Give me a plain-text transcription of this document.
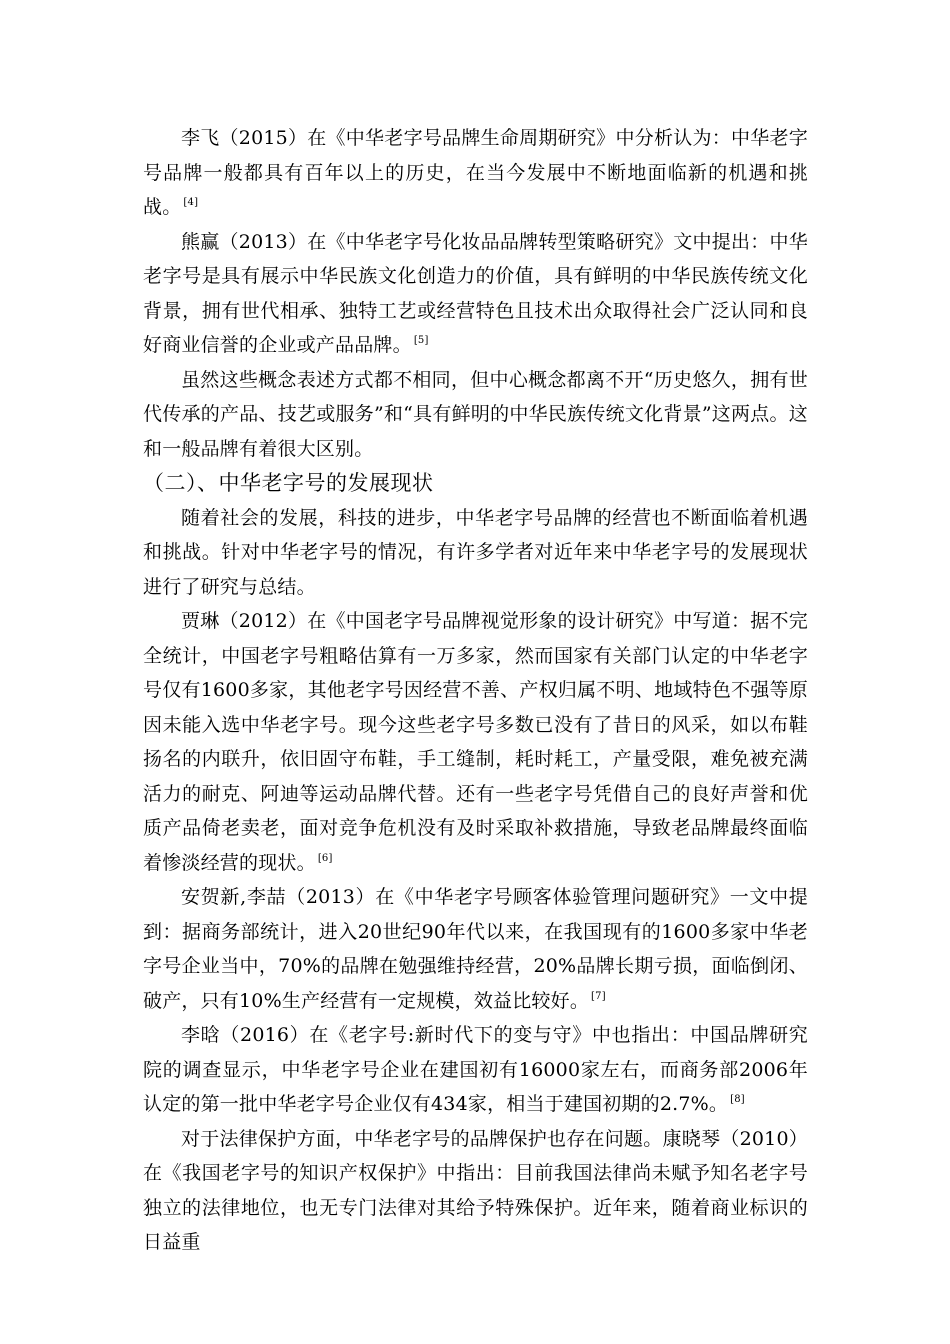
李飞（2015）在《中华老字号品牌生命周期研究》中分析认为：中华老字号品牌一般都具有百年以上的历史，在当今发展中不断地面临新的机遇和挑战。 [4]

熊赢（2013）在《中华老字号化妆品品牌转型策略研究》文中提出：中华老字号是具有展示中华民族文化创造力的价值，具有鲜明的中华民族传统文化背景，拥有世代相承、独特工艺或经营特色且技术出众取得社会广泛认同和良好商业信誉的企业或产品品牌。 [5]

虽然这些概念表述方式都不相同，但中心概念都离不开“历史悠久，拥有世代传承的产品、技艺或服务”和“具有鲜明的中华民族传统文化背景”这两点。这和一般品牌有着很大区别。

（二）、中华老字号的发展现状

随着社会的发展，科技的进步，中华老字号品牌的经营也不断面临着机遇和挑战。针对中华老字号的情况，有许多学者对近年来中华老字号的发展现状进行了研究与总结。

贾琳（2012）在《中国老字号品牌视觉形象的设计研究》中写道：据不完全统计，中国老字号粗略估算有一万多家，然而国家有关部门认定的中华老字号仅有1600多家，其他老字号因经营不善、产权归属不明、地域特色不强等原因未能入选中华老字号。现今这些老字号多数已没有了昔日的风采，如以布鞋扬名的内联升，依旧固守布鞋，手工缝制，耗时耗工，产量受限，难免被充满活力的耐克、阿迪等运动品牌代替。还有一些老字号凭借自己的良好声誉和优质产品倚老卖老，面对竞争危机没有及时采取补救措施，导致老品牌最终面临着惨淡经营的现状。 [6]

安贺新,李喆（2013）在《中华老字号顾客体验管理问题研究》一文中提到：据商务部统计，进入20世纪90年代以来，在我国现有的1600多家中华老字号企业当中，70%的品牌在勉强维持经营，20%品牌长期亏损，面临倒闭、破产，只有10%生产经营有一定规模，效益比较好。 [7]

李晗（2016）在《老字号:新时代下的变与守》中也指出：中国品牌研究院的调查显示，中华老字号企业在建国初有16000家左右，而商务部2006年认定的第一批中华老字号企业仅有434家，相当于建国初期的2.7%。 [8]

对于法律保护方面，中华老字号的品牌保护也存在问题。康晓琴（2010）在《我国老字号的知识产权保护》中指出：目前我国法律尚未赋予知名老字号独立的法律地位，也无专门法律对其给予特殊保护。近年来，随着商业标识的日益重
